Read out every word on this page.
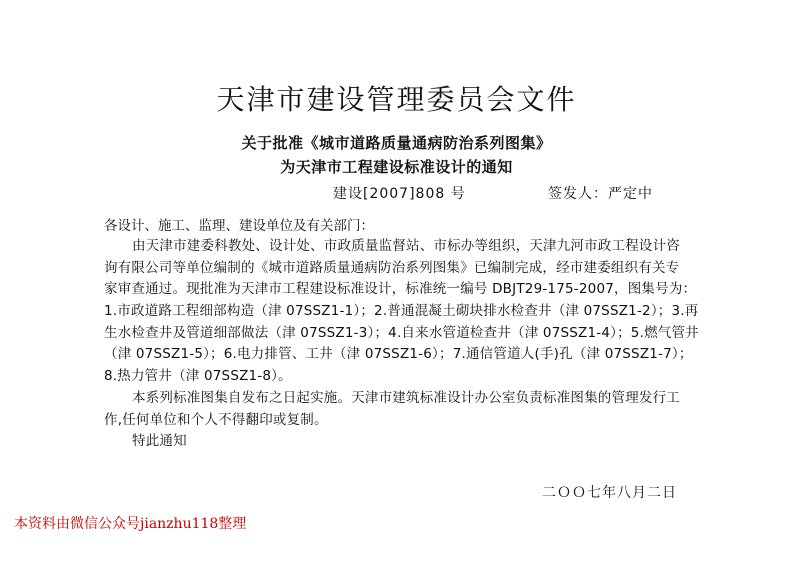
天津市建设管理委员会文件
关于批准《城市道路质量通病防治系列图集》
为天津市工程建设标准设计的通知
建设[2007]808 号	签发人：严定中
各设计、施工、监理、建设单位及有关部门：
由天津市建委科教处、设计处、市政质量监督站、市标办等组织，天津九河市政工程设计咨
询有限公司等单位编制的《城市道路质量通病防治系列图集》已编制完成，经市建委组织有关专
家审查通过。现批准为天津市工程建设标准设计，标准统一编号 DBJT29-175-2007，图集号为：
1.市政道路工程细部构造（津 07SSZ1-1）；2.普通混凝土砌块排水检查井（津 07SSZ1-2）；3.再
生水检查井及管道细部做法（津 07SSZ1-3）；4.自来水管道检查井（津 07SSZ1-4）；5.燃气管井
（津 07SSZ1-5）；6.电力排管、工井（津 07SSZ1-6）；7.通信管道人(手)孔（津 07SSZ1-7）；
8.热力管井（津 07SSZ1-8）。
本系列标准图集自发布之日起实施。天津市建筑标准设计办公室负责标准图集的管理发行工
作,任何单位和个人不得翻印或复制。
特此通知
二ＯＯ七年八月二日
本资料由微信公众号jianzhu118整理
